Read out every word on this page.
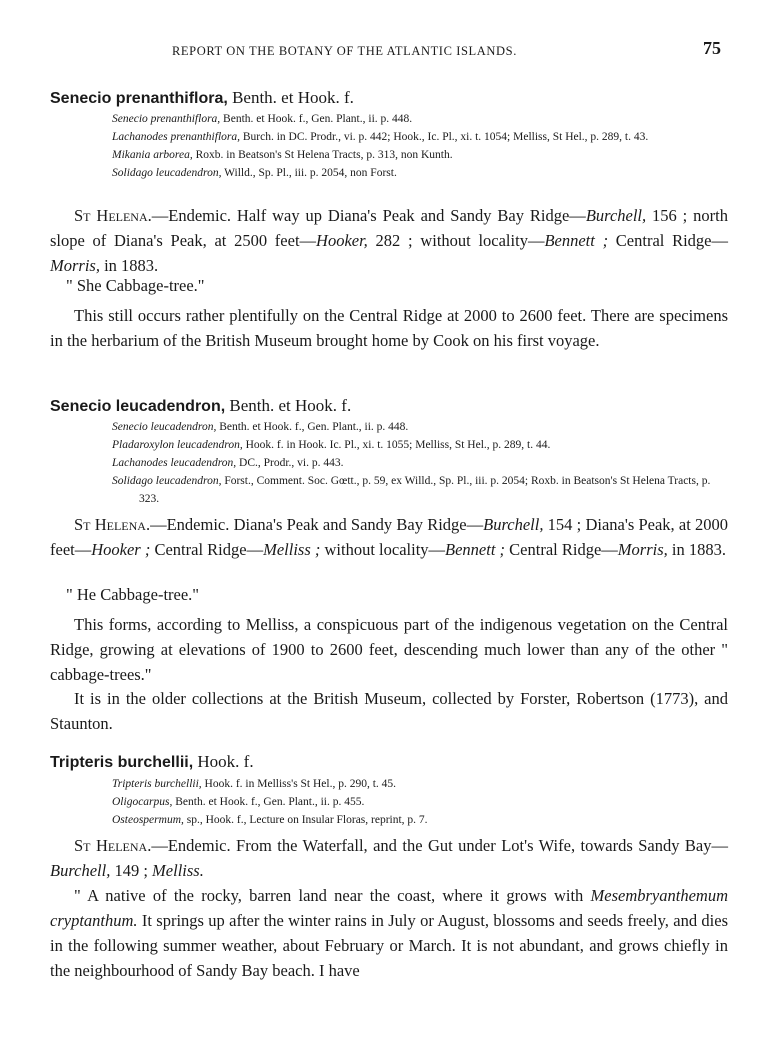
REPORT ON THE BOTANY OF THE ATLANTIC ISLANDS.	75
Senecio prenanthiflora, Benth. et Hook. f.
Senecio prenanthiflora, Benth. et Hook. f., Gen. Plant., ii. p. 448.
Lachanodes prenanthiflora, Burch. in DC. Prodr., vi. p. 442; Hook., Ic. Pl., xi. t. 1054; Melliss, St Hel., p. 289, t. 43.
Mikania arborea, Roxb. in Beatson's St Helena Tracts, p. 313, non Kunth.
Solidago leucadendron, Willd., Sp. Pl., iii. p. 2054, non Forst.
St Helena.—Endemic. Half way up Diana's Peak and Sandy Bay Ridge—Burchell, 156 ; north slope of Diana's Peak, at 2500 feet—Hooker, 282 ; without locality—Bennett ; Central Ridge—Morris, in 1883.
" She Cabbage-tree."
This still occurs rather plentifully on the Central Ridge at 2000 to 2600 feet. There are specimens in the herbarium of the British Museum brought home by Cook on his first voyage.
Senecio leucadendron, Benth. et Hook. f.
Senecio leucadendron, Benth. et Hook. f., Gen. Plant., ii. p. 448.
Pladaroxylon leucadendron, Hook. f. in Hook. Ic. Pl., xi. t. 1055; Melliss, St Hel., p. 289, t. 44.
Lachanodes leucadendron, DC., Prodr., vi. p. 443.
Solidago leucadendron, Forst., Comment. Soc. Gœtt., p. 59, ex Willd., Sp. Pl., iii. p. 2054; Roxb. in Beatson's St Helena Tracts, p. 323.
St Helena.—Endemic. Diana's Peak and Sandy Bay Ridge—Burchell, 154 ; Diana's Peak, at 2000 feet—Hooker ; Central Ridge—Melliss ; without locality—Bennett ; Central Ridge—Morris, in 1883.
" He Cabbage-tree."
This forms, according to Melliss, a conspicuous part of the indigenous vegetation on the Central Ridge, growing at elevations of 1900 to 2600 feet, descending much lower than any of the other " cabbage-trees."
It is in the older collections at the British Museum, collected by Forster, Robertson (1773), and Staunton.
Tripteris burchellii, Hook. f.
Tripteris burchellii, Hook. f. in Melliss's St Hel., p. 290, t. 45.
Oligocarpus, Benth. et Hook. f., Gen. Plant., ii. p. 455.
Osteospermum, sp., Hook. f., Lecture on Insular Floras, reprint, p. 7.
St Helena.—Endemic. From the Waterfall, and the Gut under Lot's Wife, towards Sandy Bay—Burchell, 149 ; Melliss.
" A native of the rocky, barren land near the coast, where it grows with Mesembryanthemum cryptanthum. It springs up after the winter rains in July or August, blossoms and seeds freely, and dies in the following summer weather, about February or March. It is not abundant, and grows chiefly in the neighbourhood of Sandy Bay beach. I have
